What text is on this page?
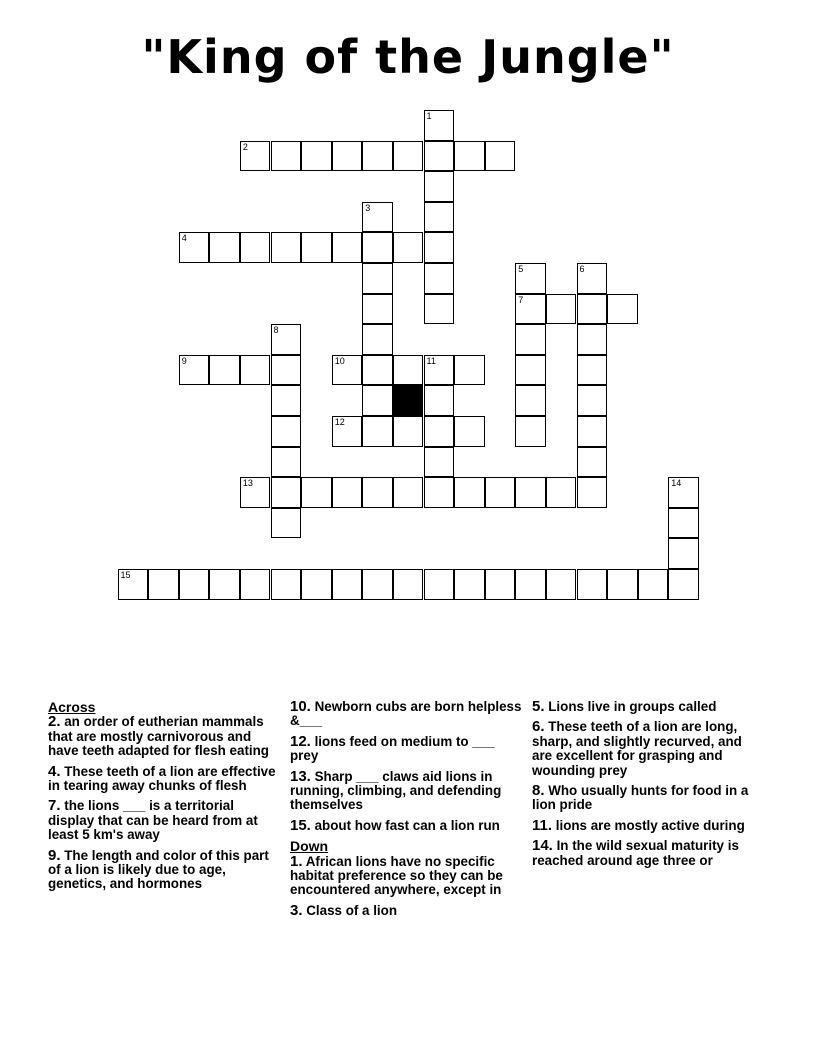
"King of the Jungle"
1
2
3
4
5	6
7
8
9	10	11
12
13	14
15
Across
2. an order of eutherian mammals that are mostly carnivorous and have teeth adapted for flesh eating
4. These teeth of a lion are effective in tearing away chunks of flesh
7. the lions ___ is a territorial display that can be heard from at least 5 km's away
9. The length and color of this part of a lion is likely due to age, genetics, and hormones
10. Newborn cubs are born helpless &___
12. lions feed on medium to ___ prey
13. Sharp ___ claws aid lions in running, climbing, and defending themselves
15. about how fast can a lion run
Down
1. African lions have no specific habitat preference so they can be encountered anywhere, except in
3. Class of a lion
5. Lions live in groups called
6. These teeth of a lion are long, sharp, and slightly recurved, and are excellent for grasping and wounding prey
8. Who usually hunts for food in a lion pride
11. lions are mostly active during
14. In the wild sexual maturity is reached around age three or
